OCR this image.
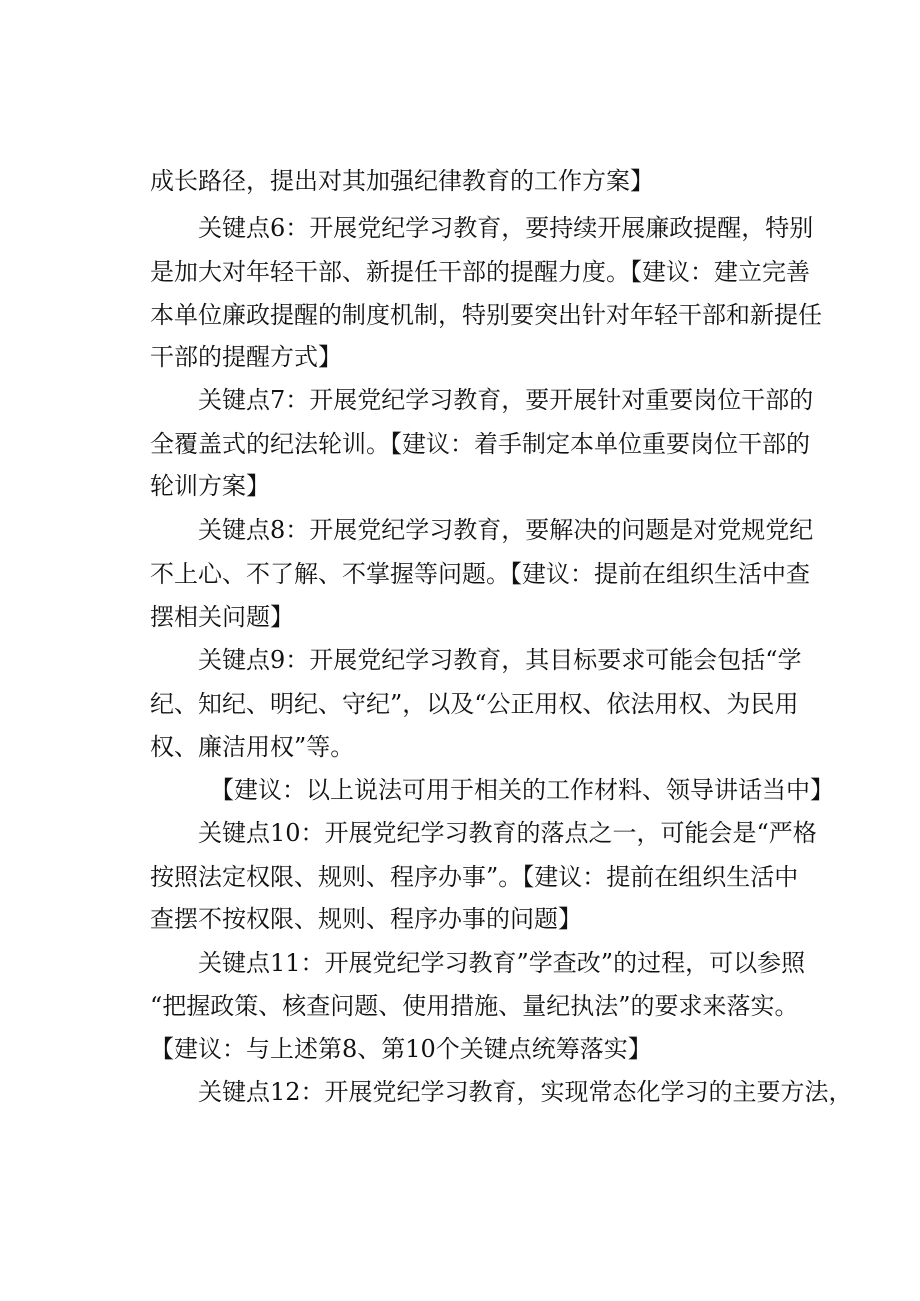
成长路径，提出对其加强纪律教育的工作方案】
关键点6：开展党纪学习教育，要持续开展廉政提醒，特别
是加大对年轻干部、新提任干部的提醒力度。【建议：建立完善
本单位廉政提醒的制度机制，特别要突出针对年轻干部和新提任
干部的提醒方式】
关键点7：开展党纪学习教育，要开展针对重要岗位干部的
全覆盖式的纪法轮训。【建议：着手制定本单位重要岗位干部的
轮训方案】
关键点8：开展党纪学习教育，要解决的问题是对党规党纪
不上心、不了解、不掌握等问题。【建议：提前在组织生活中查
摆相关问题】
关键点9：开展党纪学习教育，其目标要求可能会包括“学
纪、知纪、明纪、守纪”，以及“公正用权、依法用权、为民用
权、廉洁用权”等。
【建议：以上说法可用于相关的工作材料、领导讲话当中】
关键点10：开展党纪学习教育的落点之一，可能会是“严格
按照法定权限、规则、程序办事”。【建议：提前在组织生活中
查摆不按权限、规则、程序办事的问题】
关键点11：开展党纪学习教育”学查改”的过程，可以参照
“把握政策、核查问题、使用措施、量纪执法”的要求来落实。
【建议：与上述第8、第10个关键点统筹落实】
关键点12：开展党纪学习教育，实现常态化学习的主要方法，
